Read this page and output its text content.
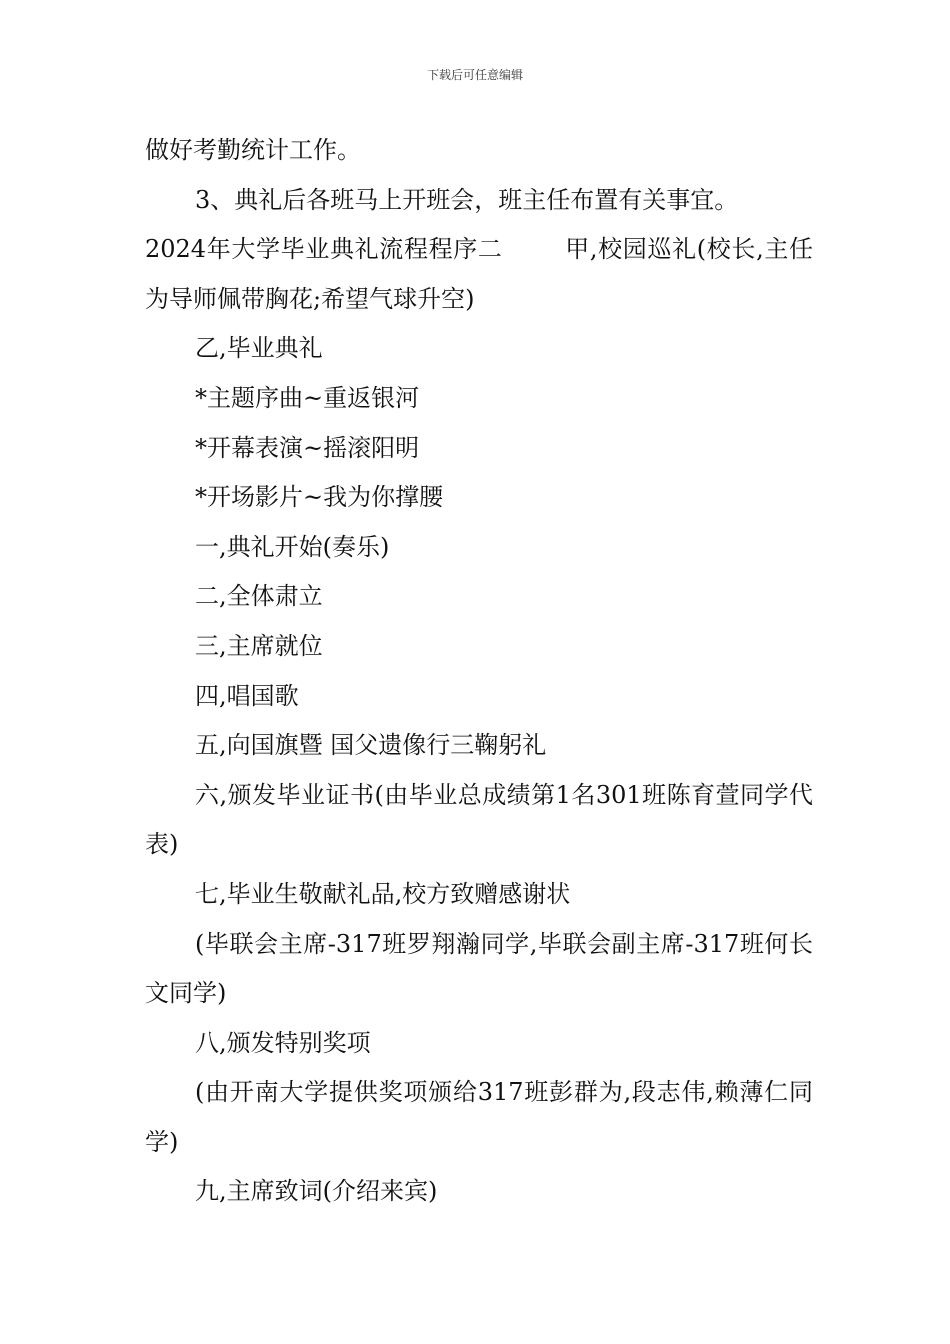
下载后可任意编辑

做好考勤统计工作。

3、典礼后各班马上开班会，班主任布置有关事宜。

2024年大学毕业典礼流程程序二	甲,校园巡礼(校长,主任为导师佩带胸花;希望气球升空)

乙,毕业典礼

*主题序曲~重返银河

*开幕表演~摇滚阳明

*开场影片~我为你撑腰

一,典礼开始(奏乐)

二,全体肃立

三,主席就位

四,唱国歌

五,向国旗暨 国父遗像行三鞠躬礼

六,颁发毕业证书(由毕业总成绩第1名301班陈育萱同学代表)

七,毕业生敬献礼品,校方致赠感谢状

(毕联会主席-317班罗翔瀚同学,毕联会副主席-317班何长文同学)

八,颁发特别奖项

(由开南大学提供奖项颁给317班彭群为,段志伟,赖薄仁同学)

九,主席致词(介绍来宾)
